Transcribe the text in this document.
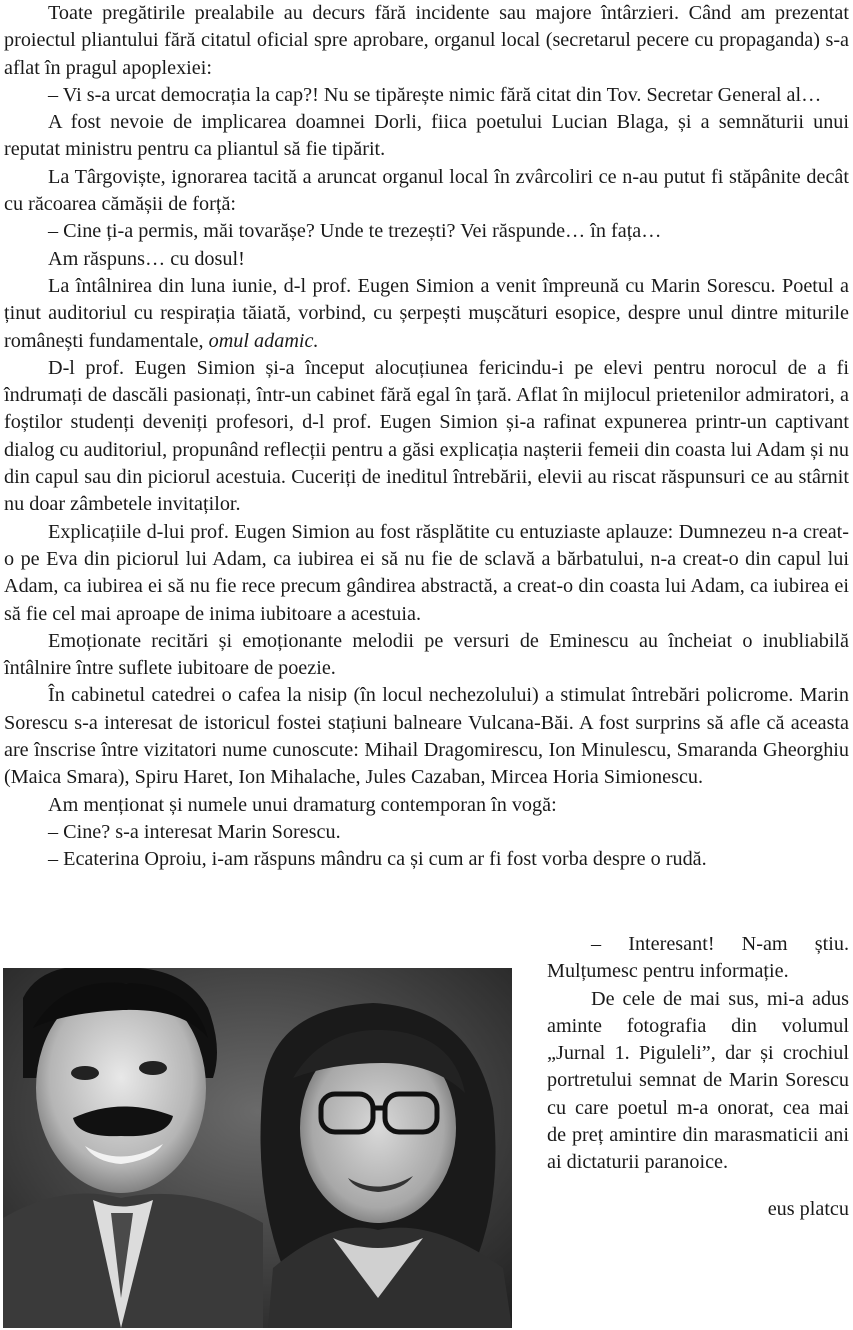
Toate pregătirile prealabile au decurs fără incidente sau majore întârzieri. Când am prezentat proiectul pliantului fără citatul oficial spre aprobare, organul local (secretarul pecere cu propaganda) s-a aflat în pragul apoplexiei:

– Vi s-a urcat democrația la cap?! Nu se tipărește nimic fără citat din Tov. Secretar General al…

A fost nevoie de implicarea doamnei Dorli, fiica poetului Lucian Blaga, și a semnăturii unui reputat ministru pentru ca pliantul să fie tipărit.

La Târgoviște, ignorarea tacită a aruncat organul local în zvârcoliri ce n-au putut fi stăpânite decât cu răcoarea cămășii de forță:

– Cine ți-a permis, măi tovarășe? Unde te trezești? Vei răspunde… în fața…

Am răspuns… cu dosul!

La întâlnirea din luna iunie, d-l prof. Eugen Simion a venit împreună cu Marin Sorescu. Poetul a ținut auditoriul cu respirația tăiată, vorbind, cu șerpești mușcături esopice, despre unul dintre miturile românești fundamentale, omul adamic.

D-l prof. Eugen Simion și-a început alocuțiunea fericindu-i pe elevi pentru norocul de a fi îndrumați de dascăli pasionați, într-un cabinet fără egal în țară. Aflat în mijlocul prietenilor admiratori, a foștilor studenți deveniți profesori, d-l prof. Eugen Simion și-a rafinat expunerea printr-un captivant dialog cu auditoriul, propunând reflecții pentru a găsi explicația nașterii femeii din coasta lui Adam și nu din capul sau din piciorul acestuia. Cuceriți de ineditul întrebării, elevii au riscat răspunsuri ce au stârnit nu doar zâmbetele invitaților.

Explicațiile d-lui prof. Eugen Simion au fost răsplătite cu entuziaste aplauze: Dumnezeu n-a creat-o pe Eva din piciorul lui Adam, ca iubirea ei să nu fie de sclavă a bărbatului, n-a creat-o din capul lui Adam, ca iubirea ei să nu fie rece precum gândirea abstractă, a creat-o din coasta lui Adam, ca iubirea ei să fie cel mai aproape de inima iubitoare a acestuia.

Emoționate recitări și emoționante melodii pe versuri de Eminescu au încheiat o inubliabilă întâlnire între suflete iubitoare de poezie.

În cabinetul catedrei o cafea la nisip (în locul nechezolului) a stimulat întrebări policrome. Marin Sorescu s-a interesat de istoricul fostei stațiuni balneare Vulcana-Băi. A fost surprins să afle că aceasta are înscrise între vizitatori nume cunoscute: Mihail Dragomirescu, Ion Minulescu, Smaranda Gheorghiu (Maica Smara), Spiru Haret, Ion Mihalache, Jules Cazaban, Mircea Horia Simionescu.

Am menționat și numele unui dramaturg contemporan în vogă:

– Cine? s-a interesat Marin Sorescu.

– Ecaterina Oproiu, i-am răspuns mândru ca și cum ar fi fost vorba despre o rudă.

– Interesant! N-am știu. Mulțumesc pentru informație.

De cele de mai sus, mi-a adus aminte fotografia din volumul „Jurnal 1. Piguleli”, dar și crochiul portretului semnat de Marin Sorescu cu care poetul m-a onorat, cea mai de preț amintire din marasmaticii ani ai dictaturii paranoice.

eus platcu
